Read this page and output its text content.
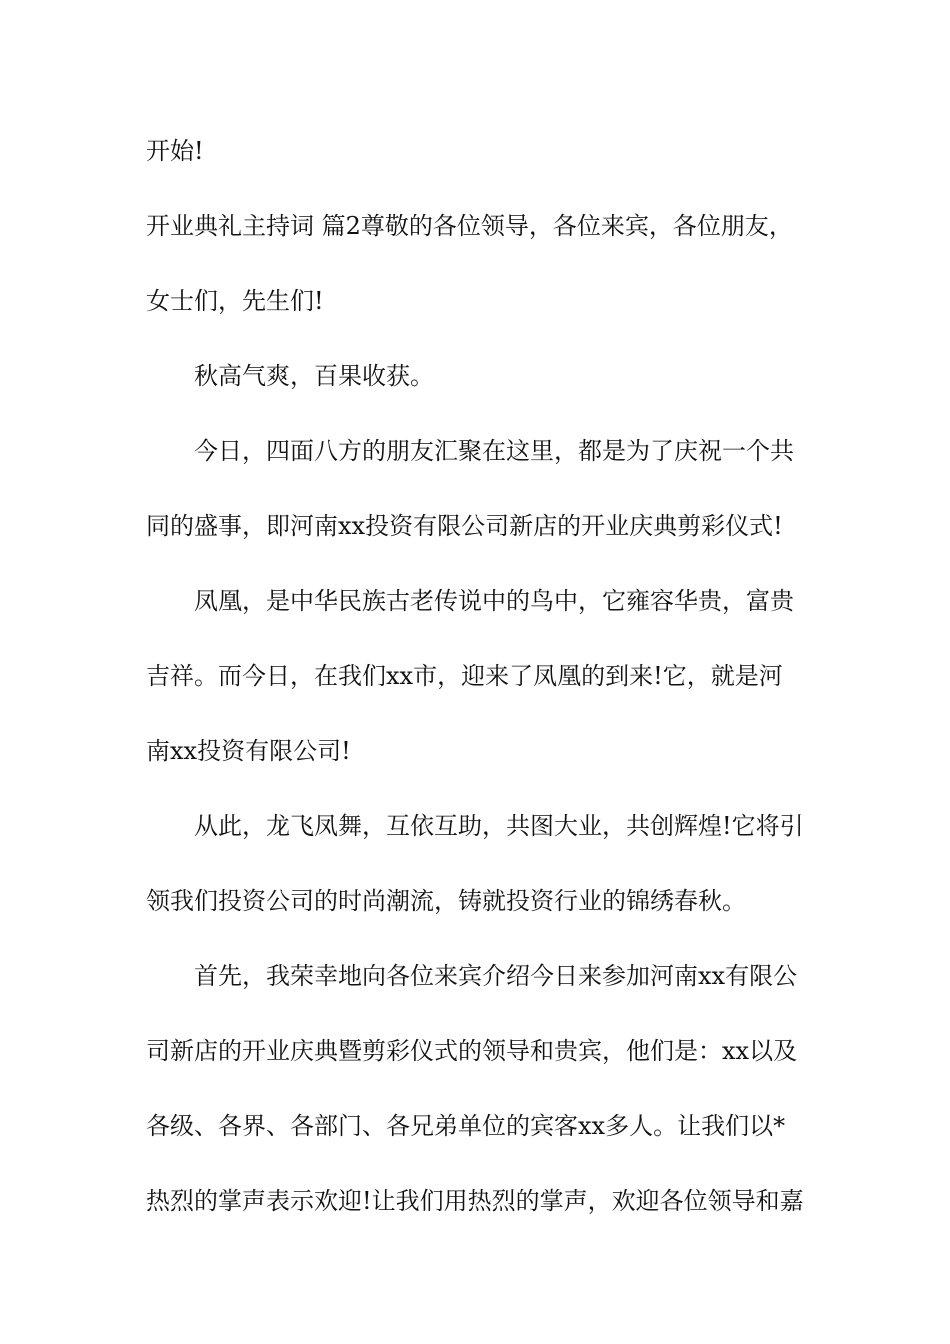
开始!
开业典礼主持词 篇2尊敬的各位领导，各位来宾，各位朋友，
女士们，先生们!
秋高气爽，百果收获。
今日，四面八方的朋友汇聚在这里，都是为了庆祝一个共
同的盛事，即河南xx投资有限公司新店的开业庆典剪彩仪式!
凤凰，是中华民族古老传说中的鸟中，它雍容华贵，富贵
吉祥。而今日，在我们xx市，迎来了凤凰的到来!它，就是河
南xx投资有限公司!
从此，龙飞凤舞，互依互助，共图大业，共创辉煌!它将引
领我们投资公司的时尚潮流，铸就投资行业的锦绣春秋。
首先，我荣幸地向各位来宾介绍今日来参加河南xx有限公
司新店的开业庆典暨剪彩仪式的领导和贵宾，他们是：xx以及
各级、各界、各部门、各兄弟单位的宾客xx多人。让我们以*
热烈的掌声表示欢迎!让我们用热烈的掌声，欢迎各位领导和嘉
